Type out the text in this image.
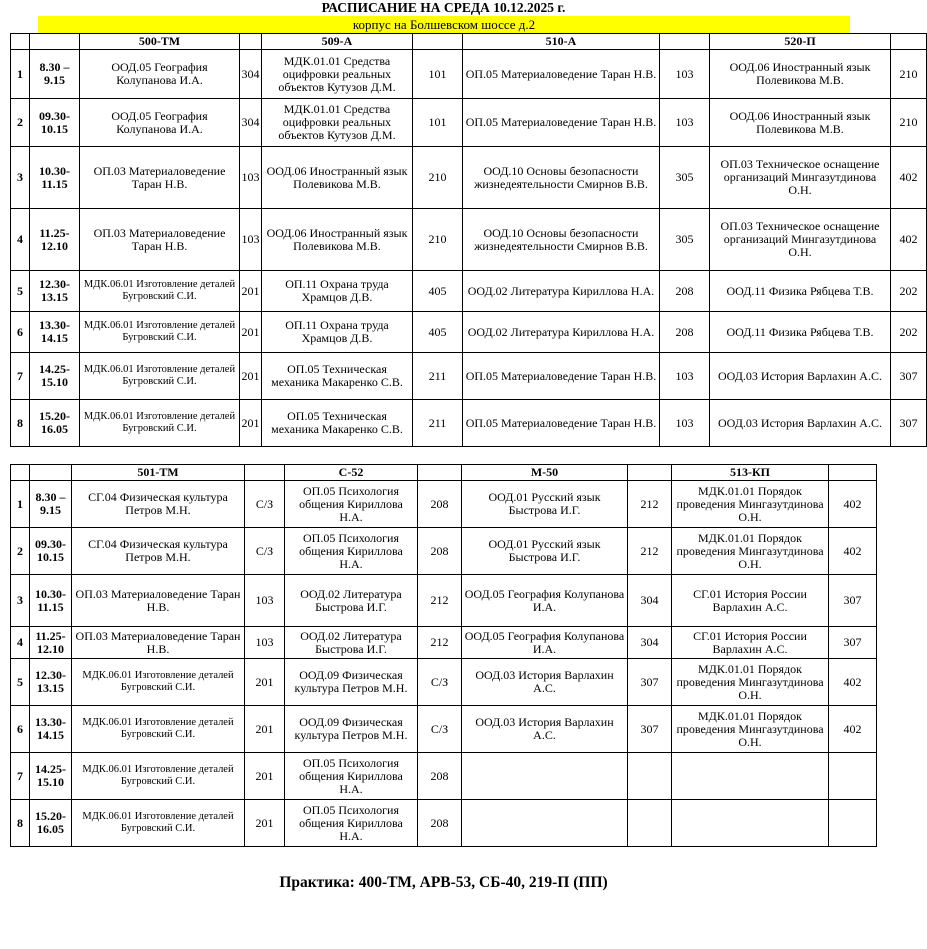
РАСПИСАНИЕ НА СРЕДА 10.12.2025 г.
корпус на Болшевском шоссе д.2
		500-ТМ		509-А		510-А		520-П	
1	8.30 – 9.15	ООД.05 География Колупанова И.А.	304	МДК.01.01 Средства оцифровки реальных объектов Кутузов Д.М.	101	ОП.05 Материаловедение Таран Н.В.	103	ООД.06 Иностранный язык Полевикова М.В.	210
2	09.30-10.15	ООД.05 География Колупанова И.А.	304	МДК.01.01 Средства оцифровки реальных объектов Кутузов Д.М.	101	ОП.05 Материаловедение Таран Н.В.	103	ООД.06 Иностранный язык Полевикова М.В.	210
3	10.30-11.15	ОП.03 Материаловедение Таран Н.В.	103	ООД.06 Иностранный язык Полевикова М.В.	210	ООД.10 Основы безопасности жизнедеятельности Смирнов В.В.	305	ОП.03 Техническое оснащение организаций Мингазутдинова О.Н.	402
4	11.25-12.10	ОП.03 Материаловедение Таран Н.В.	103	ООД.06 Иностранный язык Полевикова М.В.	210	ООД.10 Основы безопасности жизнедеятельности Смирнов В.В.	305	ОП.03 Техническое оснащение организаций Мингазутдинова О.Н.	402
5	12.30-13.15	МДК.06.01 Изготовление деталей Бугровский С.И.	201	ОП.11 Охрана труда Храмцов Д.В.	405	ООД.02 Литература Кириллова Н.А.	208	ООД.11 Физика Рябцева Т.В.	202
6	13.30-14.15	МДК.06.01 Изготовление деталей Бугровский С.И.	201	ОП.11 Охрана труда Храмцов Д.В.	405	ООД.02 Литература Кириллова Н.А.	208	ООД.11 Физика Рябцева Т.В.	202
7	14.25-15.10	МДК.06.01 Изготовление деталей Бугровский С.И.	201	ОП.05 Техническая механика Макаренко С.В.	211	ОП.05 Материаловедение Таран Н.В.	103	ООД.03 История Варлахин А.С.	307
8	15.20-16.05	МДК.06.01 Изготовление деталей Бугровский С.И.	201	ОП.05 Техническая механика Макаренко С.В.	211	ОП.05 Материаловедение Таран Н.В.	103	ООД.03 История Варлахин А.С.	307
		501-ТМ		С-52		М-50		513-КП	
1	8.30 – 9.15	СГ.04 Физическая культура Петров М.Н.	С/З	ОП.05 Психология общения Кириллова Н.А.	208	ООД.01 Русский язык Быстрова И.Г.	212	МДК.01.01 Порядок проведения Мингазутдинова О.Н.	402
2	09.30-10.15	СГ.04 Физическая культура Петров М.Н.	С/З	ОП.05 Психология общения Кириллова Н.А.	208	ООД.01 Русский язык Быстрова И.Г.	212	МДК.01.01 Порядок проведения Мингазутдинова О.Н.	402
3	10.30-11.15	ОП.03 Материаловедение Таран Н.В.	103	ООД.02 Литература Быстрова И.Г.	212	ООД.05 География Колупанова И.А.	304	СГ.01 История России Варлахин А.С.	307
4	11.25-12.10	ОП.03 Материаловедение Таран Н.В.	103	ООД.02 Литература Быстрова И.Г.	212	ООД.05 География Колупанова И.А.	304	СГ.01 История России Варлахин А.С.	307
5	12.30-13.15	МДК.06.01 Изготовление деталей Бугровский С.И.	201	ООД.09 Физическая культура Петров М.Н.	С/З	ООД.03 История Варлахин А.С.	307	МДК.01.01 Порядок проведения Мингазутдинова О.Н.	402
6	13.30-14.15	МДК.06.01 Изготовление деталей Бугровский С.И.	201	ООД.09 Физическая культура Петров М.Н.	С/З	ООД.03 История Варлахин А.С.	307	МДК.01.01 Порядок проведения Мингазутдинова О.Н.	402
7	14.25-15.10	МДК.06.01 Изготовление деталей Бугровский С.И.	201	ОП.05 Психология общения Кириллова Н.А.	208				
8	15.20-16.05	МДК.06.01 Изготовление деталей Бугровский С.И.	201	ОП.05 Психология общения Кириллова Н.А.	208				
Практика: 400-ТМ, АРВ-53, СБ-40, 219-П (ПП)
